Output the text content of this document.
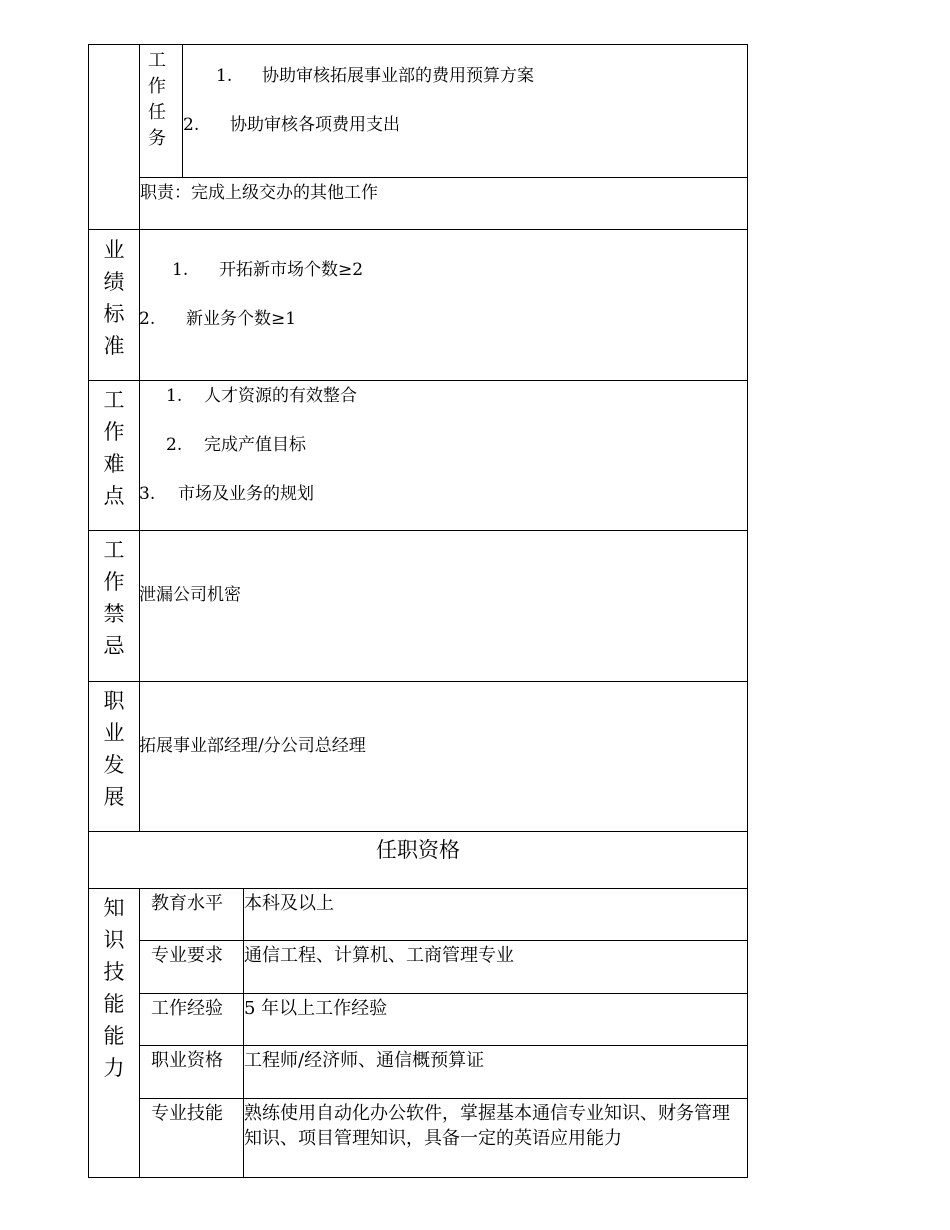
工作任务
1. 协助审核拓展事业部的费用预算方案
2. 协助审核各项费用支出
职责：完成上级交办的其他工作
业绩标准
1. 开拓新市场个数≥2
2. 新业务个数≥1
工作难点
1. 人才资源的有效整合
2. 完成产值目标
3. 市场及业务的规划
工作禁忌
泄漏公司机密
职业发展
拓展事业部经理/分公司总经理
任职资格
知识技能能力
教育水平 本科及以上
专业要求 通信工程、计算机、工商管理专业
工作经验 5 年以上工作经验
职业资格 工程师/经济师、通信概预算证
专业技能 熟练使用自动化办公软件，掌握基本通信专业知识、财务管理知识、项目管理知识，具备一定的英语应用能力
